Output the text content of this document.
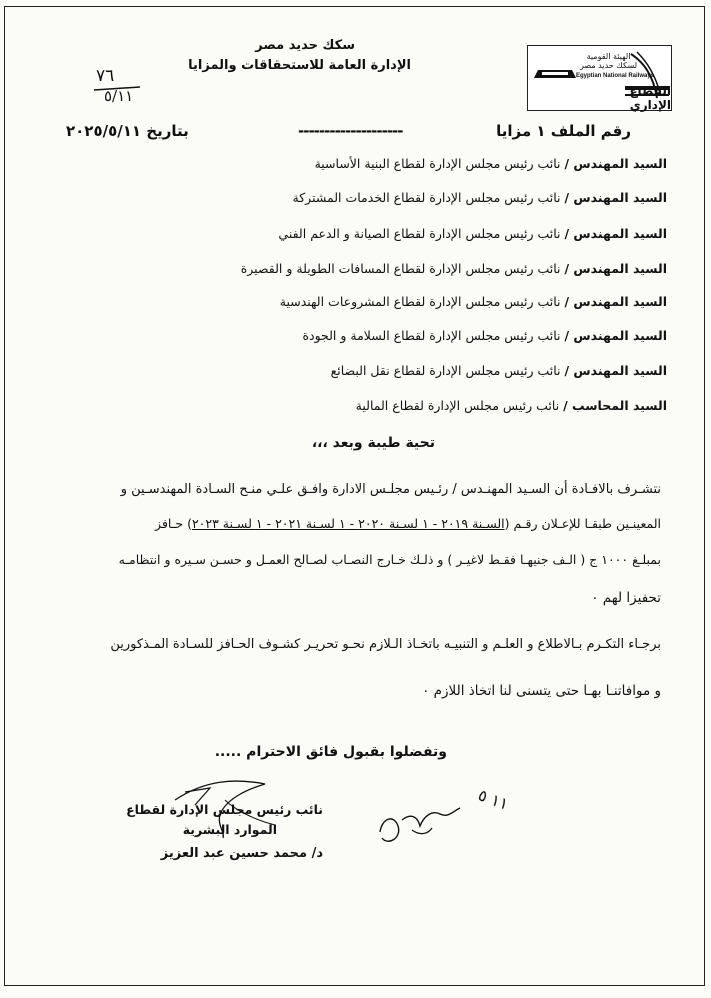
الهيئة القومية
لسكك حديد مصر
Egyptian National Railways
القطاع الإداري
سكك حديد مصر
الإدارة العامة للاستحقاقات والمزايا
٧٦
٥/١١
رقم الملف ١ مزايا
--------------------
بتاريخ ٢٠٢٥/٥/١١
السيد المهندس / نائب رئيس مجلس الإدارة لقطاع البنية الأساسية
السيد المهندس / نائب رئيس مجلس الإدارة لقطاع الخدمات المشتركة
السيد المهندس / نائب رئيس مجلس الإدارة لقطاع الصيانة و الدعم الفني
السيد المهندس / نائب رئيس مجلس الإدارة لقطاع المسافات الطويلة و القصيرة
السيد المهندس / نائب رئيس مجلس الإدارة لقطاع المشروعات الهندسية
السيد المهندس / نائب رئيس مجلس الإدارة لقطاع السلامة و الجودة
السيد المهندس / نائب رئيس مجلس الإدارة لقطاع نقل البضائع
السيد المحاسب / نائب رئيس مجلس الإدارة لقطاع المالية
تحية طيبة وبعد ،،،
نتشـرف بالافـادة أن السـيد المهنـدس / رئـيس مجلـس الادارة وافـق علـي منـح السـادة المهندسـين و
المعينـين طبقـا للإعـلان رقـم (السـنة ٢٠١٩ - ١ لسـنة ٢٠٢٠ - ١ لسـنة ٢٠٢١ - ١ لسـنة ٢٠٢٣) حـافز
بمبلـغ ١٠٠٠ ج ( الـف جنيهـا فقـط لاغيـر ) و ذلـك خـارج النصـاب لصـالح العمـل و حسـن سـيره و انتظامـه
تحفيزا لهم ٠
برجـاء التكـرم بـالاطلاع و العلـم و التنبيـه باتخـاذ الـلازم نحـو تحريـر كشـوف الحـافز للسـادة المـذكورين
و موافاتنـا بهـا حتى يتسنى لنا اتخاذ اللازم ٠
وتفضلوا بقبول فائق الاحترام .....
نائب رئيس مجلس الإدارة لقطاع
الموارد البشرية
د/ محمد حسين عبد العزيز
١١ ٥
